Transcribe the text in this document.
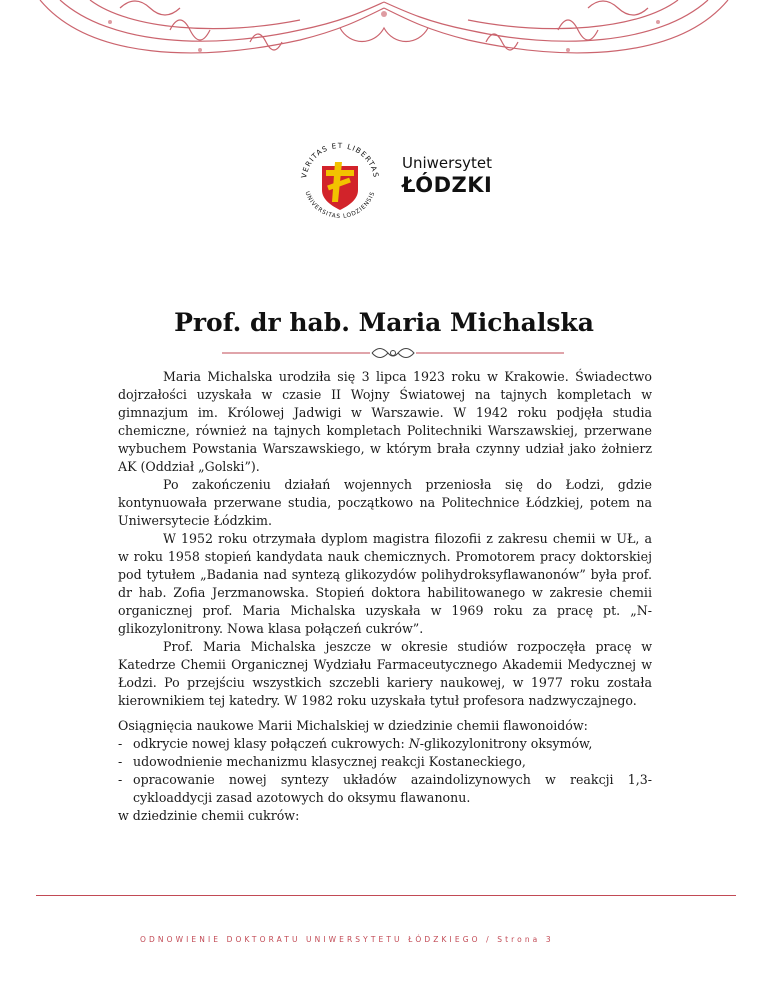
VERITAS ET LIBERTAS
UNIVERSITAS LODZIENSIS
Uniwersytet
ŁÓDZKI
Prof. dr hab. Maria Michalska

Maria Michalska urodziła się 3 lipca 1923 roku w Krakowie. Świadectwo dojrzałości uzyskała w czasie II Wojny Światowej na tajnych kompletach w gimnazjum im. Królowej Jadwigi w Warszawie. W 1942 roku podjęła studia chemiczne, również na tajnych kompletach Politechniki Warszawskiej, przerwane wybuchem Powstania Warszawskiego, w którym brała czynny udział jako żołnierz AK (Oddział „Golski”).

Po zakończeniu działań wojennych przeniosła się do Łodzi, gdzie kontynuowała przerwane studia, początkowo na Politechnice Łódzkiej, potem na Uniwersytecie Łódzkim.

W 1952 roku otrzymała dyplom magistra filozofii z zakresu chemii w UŁ, a w roku 1958 stopień kandydata nauk chemicznych. Promotorem pracy doktorskiej pod tytułem „Badania nad syntezą glikozydów polihydroksyflawanonów” była prof. dr hab. Zofia Jerzmanowska. Stopień doktora habilitowanego w zakresie chemii organicznej prof. Maria Michalska uzyskała w 1969 roku za pracę pt. „N-glikozylonitrony. Nowa klasa połączeń cukrów”.

Prof. Maria Michalska jeszcze w okresie studiów rozpoczęła pracę w Katedrze Chemii Organicznej Wydziału Farmaceutycznego Akademii Medycznej w Łodzi. Po przejściu wszystkich szczebli kariery naukowej, w 1977 roku została kierownikiem tej katedry. W 1982 roku uzyskała tytuł profesora nadzwyczajnego.

Osiągnięcia naukowe Marii Michalskiej w dziedzinie chemii flawonoidów:

- odkrycie nowej klasy połączeń cukrowych: N-glikozylonitrony oksymów,
- udowodnienie mechanizmu klasycznej reakcji Kostaneckiego,
- opracowanie nowej syntezy układów azaindolizynowych w reakcji 1,3-cykloaddycji zasad azotowych do oksymu flawanonu.

w dziedzinie chemii cukrów:

ODNOWIENIE DOKTORATU UNIWERSYTETU ŁÓDZKIEGO / Strona 3
